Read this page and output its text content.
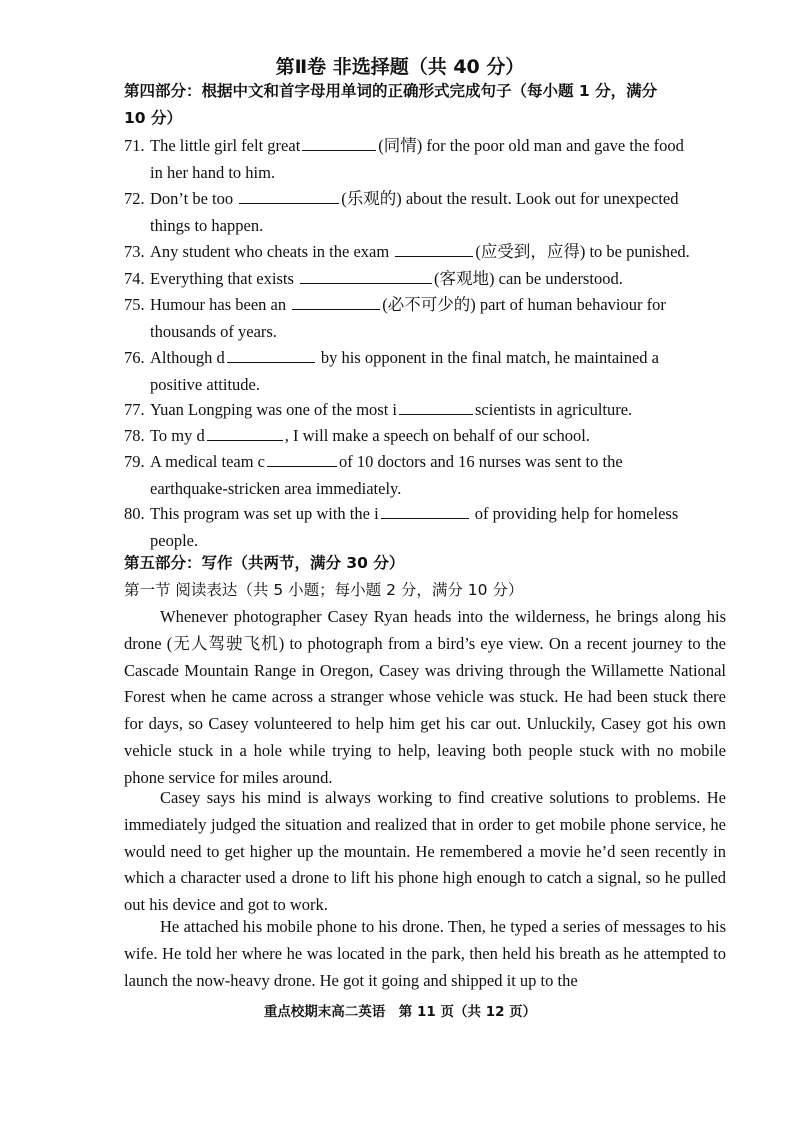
第Ⅱ卷 非选择题（共 40 分）
第四部分：根据中文和首字母用单词的正确形式完成句子（每小题 1 分，满分
10 分）
71. The little girl felt great	(同情) for the poor old man and gave the food
in her hand to him.
72. Don’t be too	(乐观的) about the result. Look out for unexpected
things to happen.
73. Any student who cheats in the exam	(应受到，应得) to be punished.
74. Everything that exists	(客观地) can be understood.
75. Humour has been an	(必不可少的) part of human behaviour for
thousands of years.
76. Although d	by his opponent in the final match, he maintained a
positive attitude.
77. Yuan Longping was one of the most i	scientists in agriculture.
78. To my d	, I will make a speech on behalf of our school.
79. A medical team c	of 10 doctors and 16 nurses was sent to the
earthquake-stricken area immediately.
80. This program was set up with the i	of providing help for homeless
people.
第五部分：写作（共两节，满分 30 分）
第一节 阅读表达（共 5 小题；每小题 2 分，满分 10 分）
Whenever photographer Casey Ryan heads into the wilderness, he brings along his drone (无人驾驶飞机) to photograph from a bird’s eye view. On a recent journey to the Cascade Mountain Range in Oregon, Casey was driving through the Willamette National Forest when he came across a stranger whose vehicle was stuck. He had been stuck there for days, so Casey volunteered to help him get his car out. Unluckily, Casey got his own vehicle stuck in a hole while trying to help, leaving both people stuck with no mobile phone service for miles around.
Casey says his mind is always working to find creative solutions to problems. He immediately judged the situation and realized that in order to get mobile phone service, he would need to get higher up the mountain. He remembered a movie he’d seen recently in which a character used a drone to lift his phone high enough to catch a signal, so he pulled out his device and got to work.
He attached his mobile phone to his drone. Then, he typed a series of messages to his wife. He told her where he was located in the park, then held his breath as he attempted to launch the now-heavy drone. He got it going and shipped it up to the
重点校期末高二英语　第 11 页（共 12 页）
